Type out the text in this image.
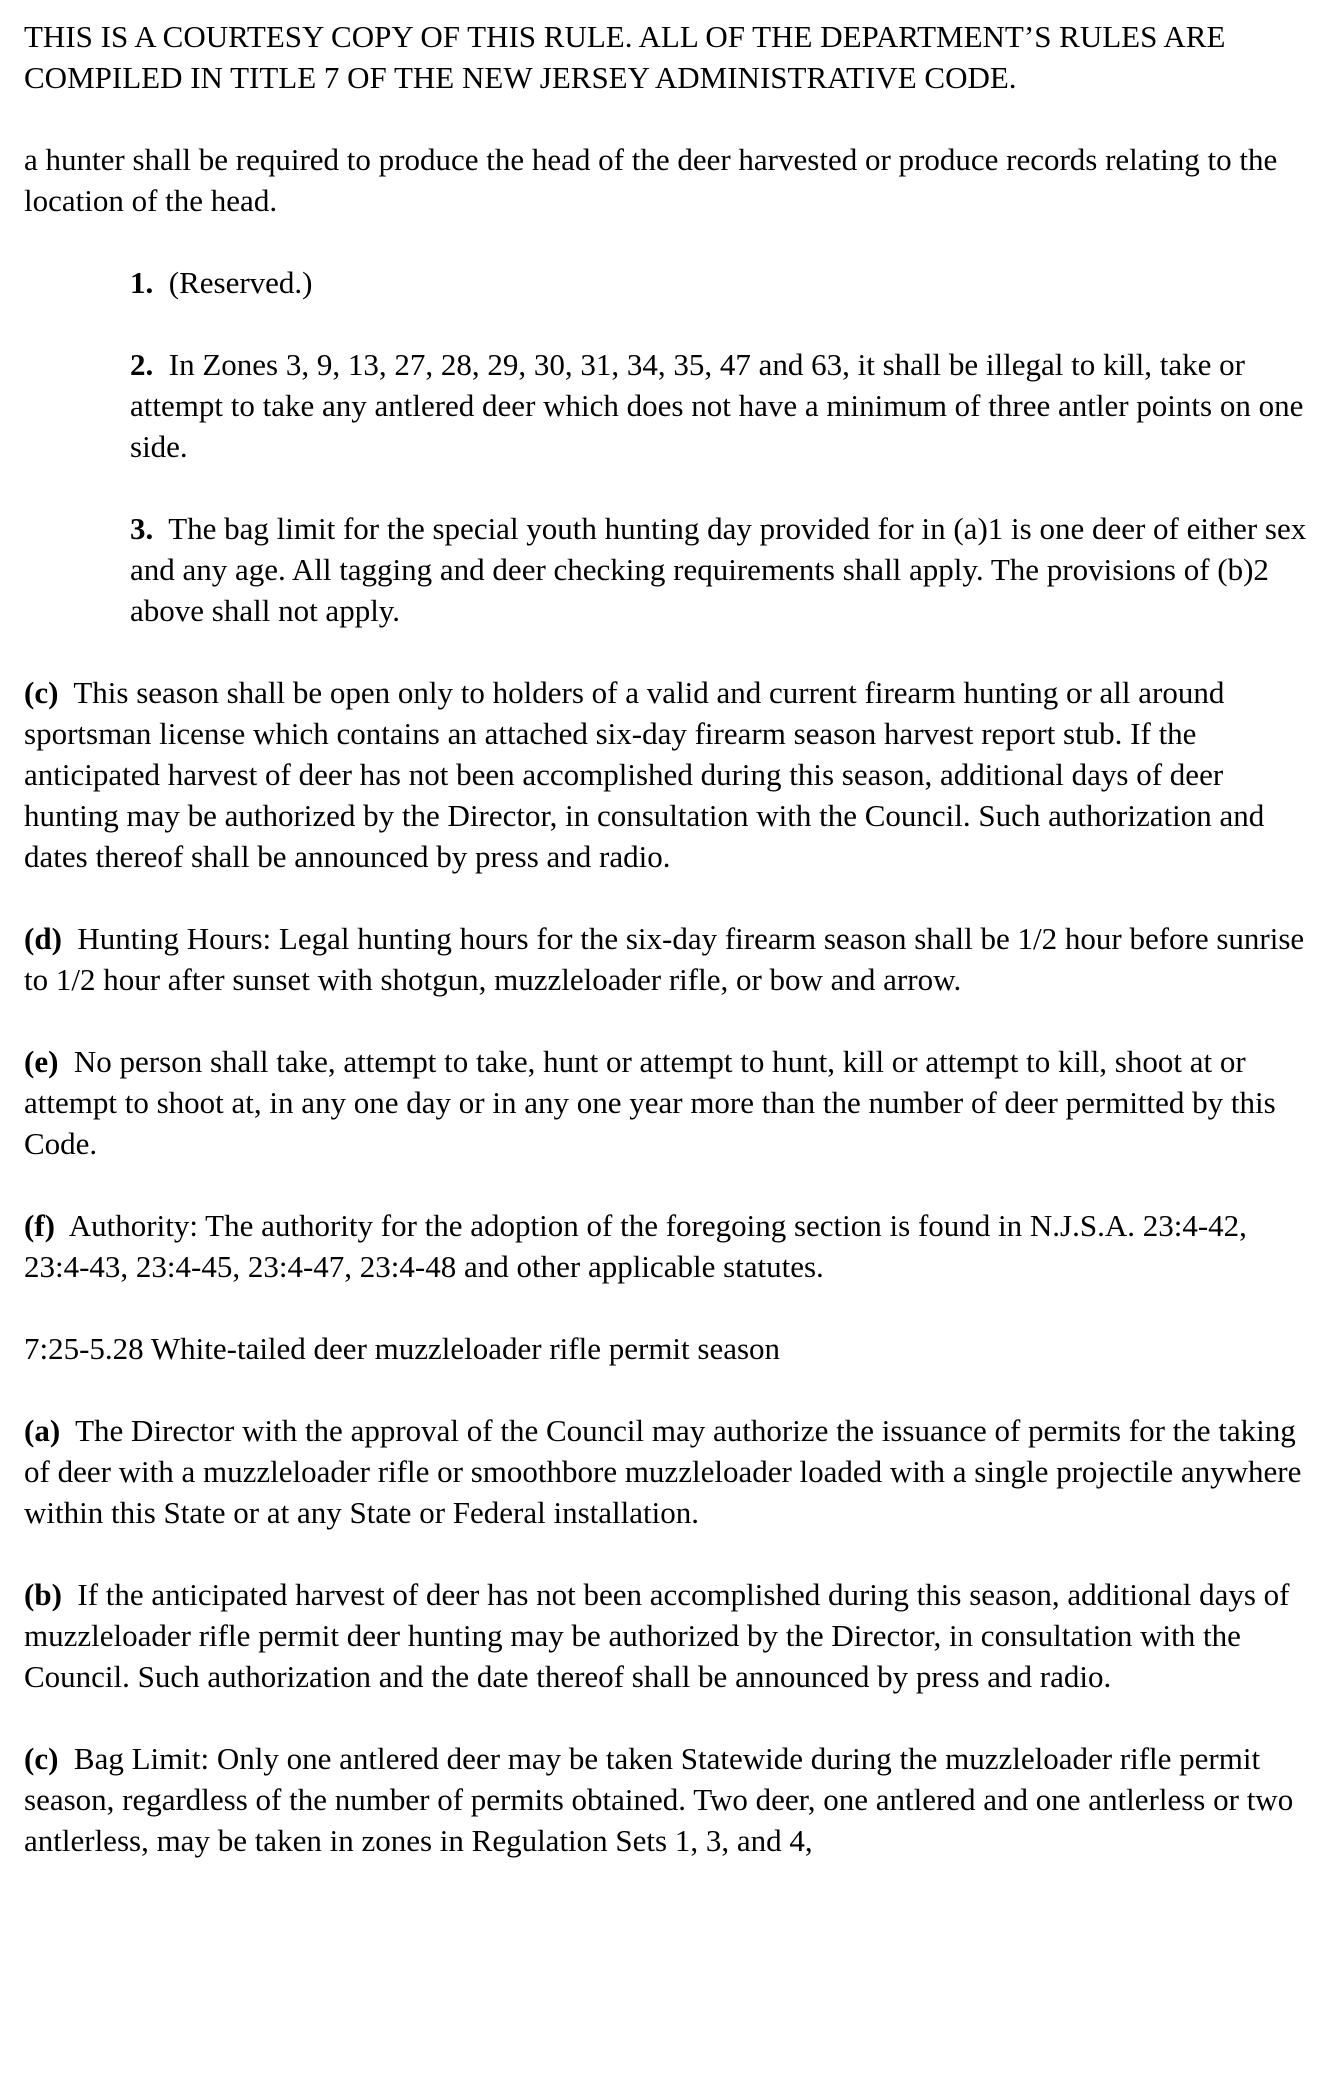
THIS IS A COURTESY COPY OF THIS RULE. ALL OF THE DEPARTMENT’S RULES ARE COMPILED IN TITLE 7 OF THE NEW JERSEY ADMINISTRATIVE CODE.

a hunter shall be required to produce the head of the deer harvested or produce records relating to the location of the head.

1. (Reserved.)

2. In Zones 3, 9, 13, 27, 28, 29, 30, 31, 34, 35, 47 and 63, it shall be illegal to kill, take or attempt to take any antlered deer which does not have a minimum of three antler points on one side.

3. The bag limit for the special youth hunting day provided for in (a)1 is one deer of either sex and any age. All tagging and deer checking requirements shall apply. The provisions of (b)2 above shall not apply.

(c) This season shall be open only to holders of a valid and current firearm hunting or all around sportsman license which contains an attached six-day firearm season harvest report stub. If the anticipated harvest of deer has not been accomplished during this season, additional days of deer hunting may be authorized by the Director, in consultation with the Council. Such authorization and dates thereof shall be announced by press and radio.

(d) Hunting Hours: Legal hunting hours for the six-day firearm season shall be 1/2 hour before sunrise to 1/2 hour after sunset with shotgun, muzzleloader rifle, or bow and arrow.

(e) No person shall take, attempt to take, hunt or attempt to hunt, kill or attempt to kill, shoot at or attempt to shoot at, in any one day or in any one year more than the number of deer permitted by this Code.

(f) Authority: The authority for the adoption of the foregoing section is found in N.J.S.A. 23:4-42, 23:4-43, 23:4-45, 23:4-47, 23:4-48 and other applicable statutes.

7:25-5.28 White-tailed deer muzzleloader rifle permit season

(a) The Director with the approval of the Council may authorize the issuance of permits for the taking of deer with a muzzleloader rifle or smoothbore muzzleloader loaded with a single projectile anywhere within this State or at any State or Federal installation.

(b) If the anticipated harvest of deer has not been accomplished during this season, additional days of muzzleloader rifle permit deer hunting may be authorized by the Director, in consultation with the Council. Such authorization and the date thereof shall be announced by press and radio.

(c) Bag Limit: Only one antlered deer may be taken Statewide during the muzzleloader rifle permit season, regardless of the number of permits obtained. Two deer, one antlered and one antlerless or two antlerless, may be taken in zones in Regulation Sets 1, 3, and 4,
